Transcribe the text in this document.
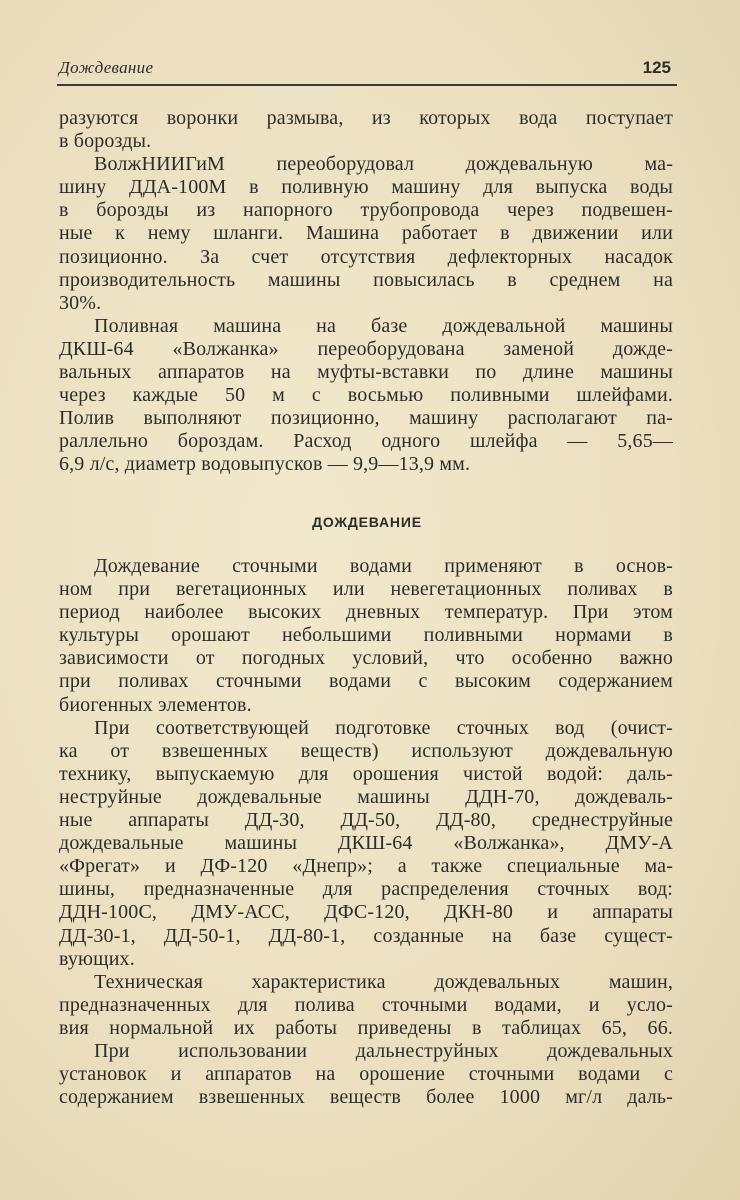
Дождевание	125
разуются воронки размыва, из которых вода поступает
в борозды.
ВолжНИИГиМ переоборудовал дождевальную ма-
шину ДДА-100М в поливную машину для выпуска воды
в борозды из напорного трубопровода через подвешен-
ные к нему шланги. Машина работает в движении или
позиционно. За счет отсутствия дефлекторных насадок
производительность машины повысилась в среднем на
30%.
Поливная машина на базе дождевальной машины
ДКШ-64 «Волжанка» переоборудована заменой дожде-
вальных аппаратов на муфты-вставки по длине машины
через каждые 50 м с восьмью поливными шлейфами.
Полив выполняют позиционно, машину располагают па-
раллельно бороздам. Расход одного шлейфа — 5,65—
6,9 л/с, диаметр водовыпусков — 9,9—13,9 мм.
ДОЖДЕВАНИЕ
Дождевание сточными водами применяют в основ-
ном при вегетационных или невегетационных поливах в
период наиболее высоких дневных температур. При этом
культуры орошают небольшими поливными нормами в
зависимости от погодных условий, что особенно важно
при поливах сточными водами с высоким содержанием
биогенных элементов.
При соответствующей подготовке сточных вод (очист-
ка от взвешенных веществ) используют дождевальную
технику, выпускаемую для орошения чистой водой: даль-
неструйные дождевальные машины ДДН-70, дождеваль-
ные аппараты ДД-30, ДД-50, ДД-80, среднеструйные
дождевальные машины ДКШ-64 «Волжанка», ДМУ-А
«Фрегат» и ДФ-120 «Днепр»; а также специальные ма-
шины, предназначенные для распределения сточных вод:
ДДН-100С, ДМУ-АСС, ДФС-120, ДКН-80 и аппараты
ДД-30-1, ДД-50-1, ДД-80-1, созданные на базе сущест-
вующих.
Техническая характеристика дождевальных машин,
предназначенных для полива сточными водами, и усло-
вия нормальной их работы приведены в таблицах 65, 66.
При использовании дальнеструйных дождевальных
установок и аппаратов на орошение сточными водами с
содержанием взвешенных веществ более 1000 мг/л даль-
